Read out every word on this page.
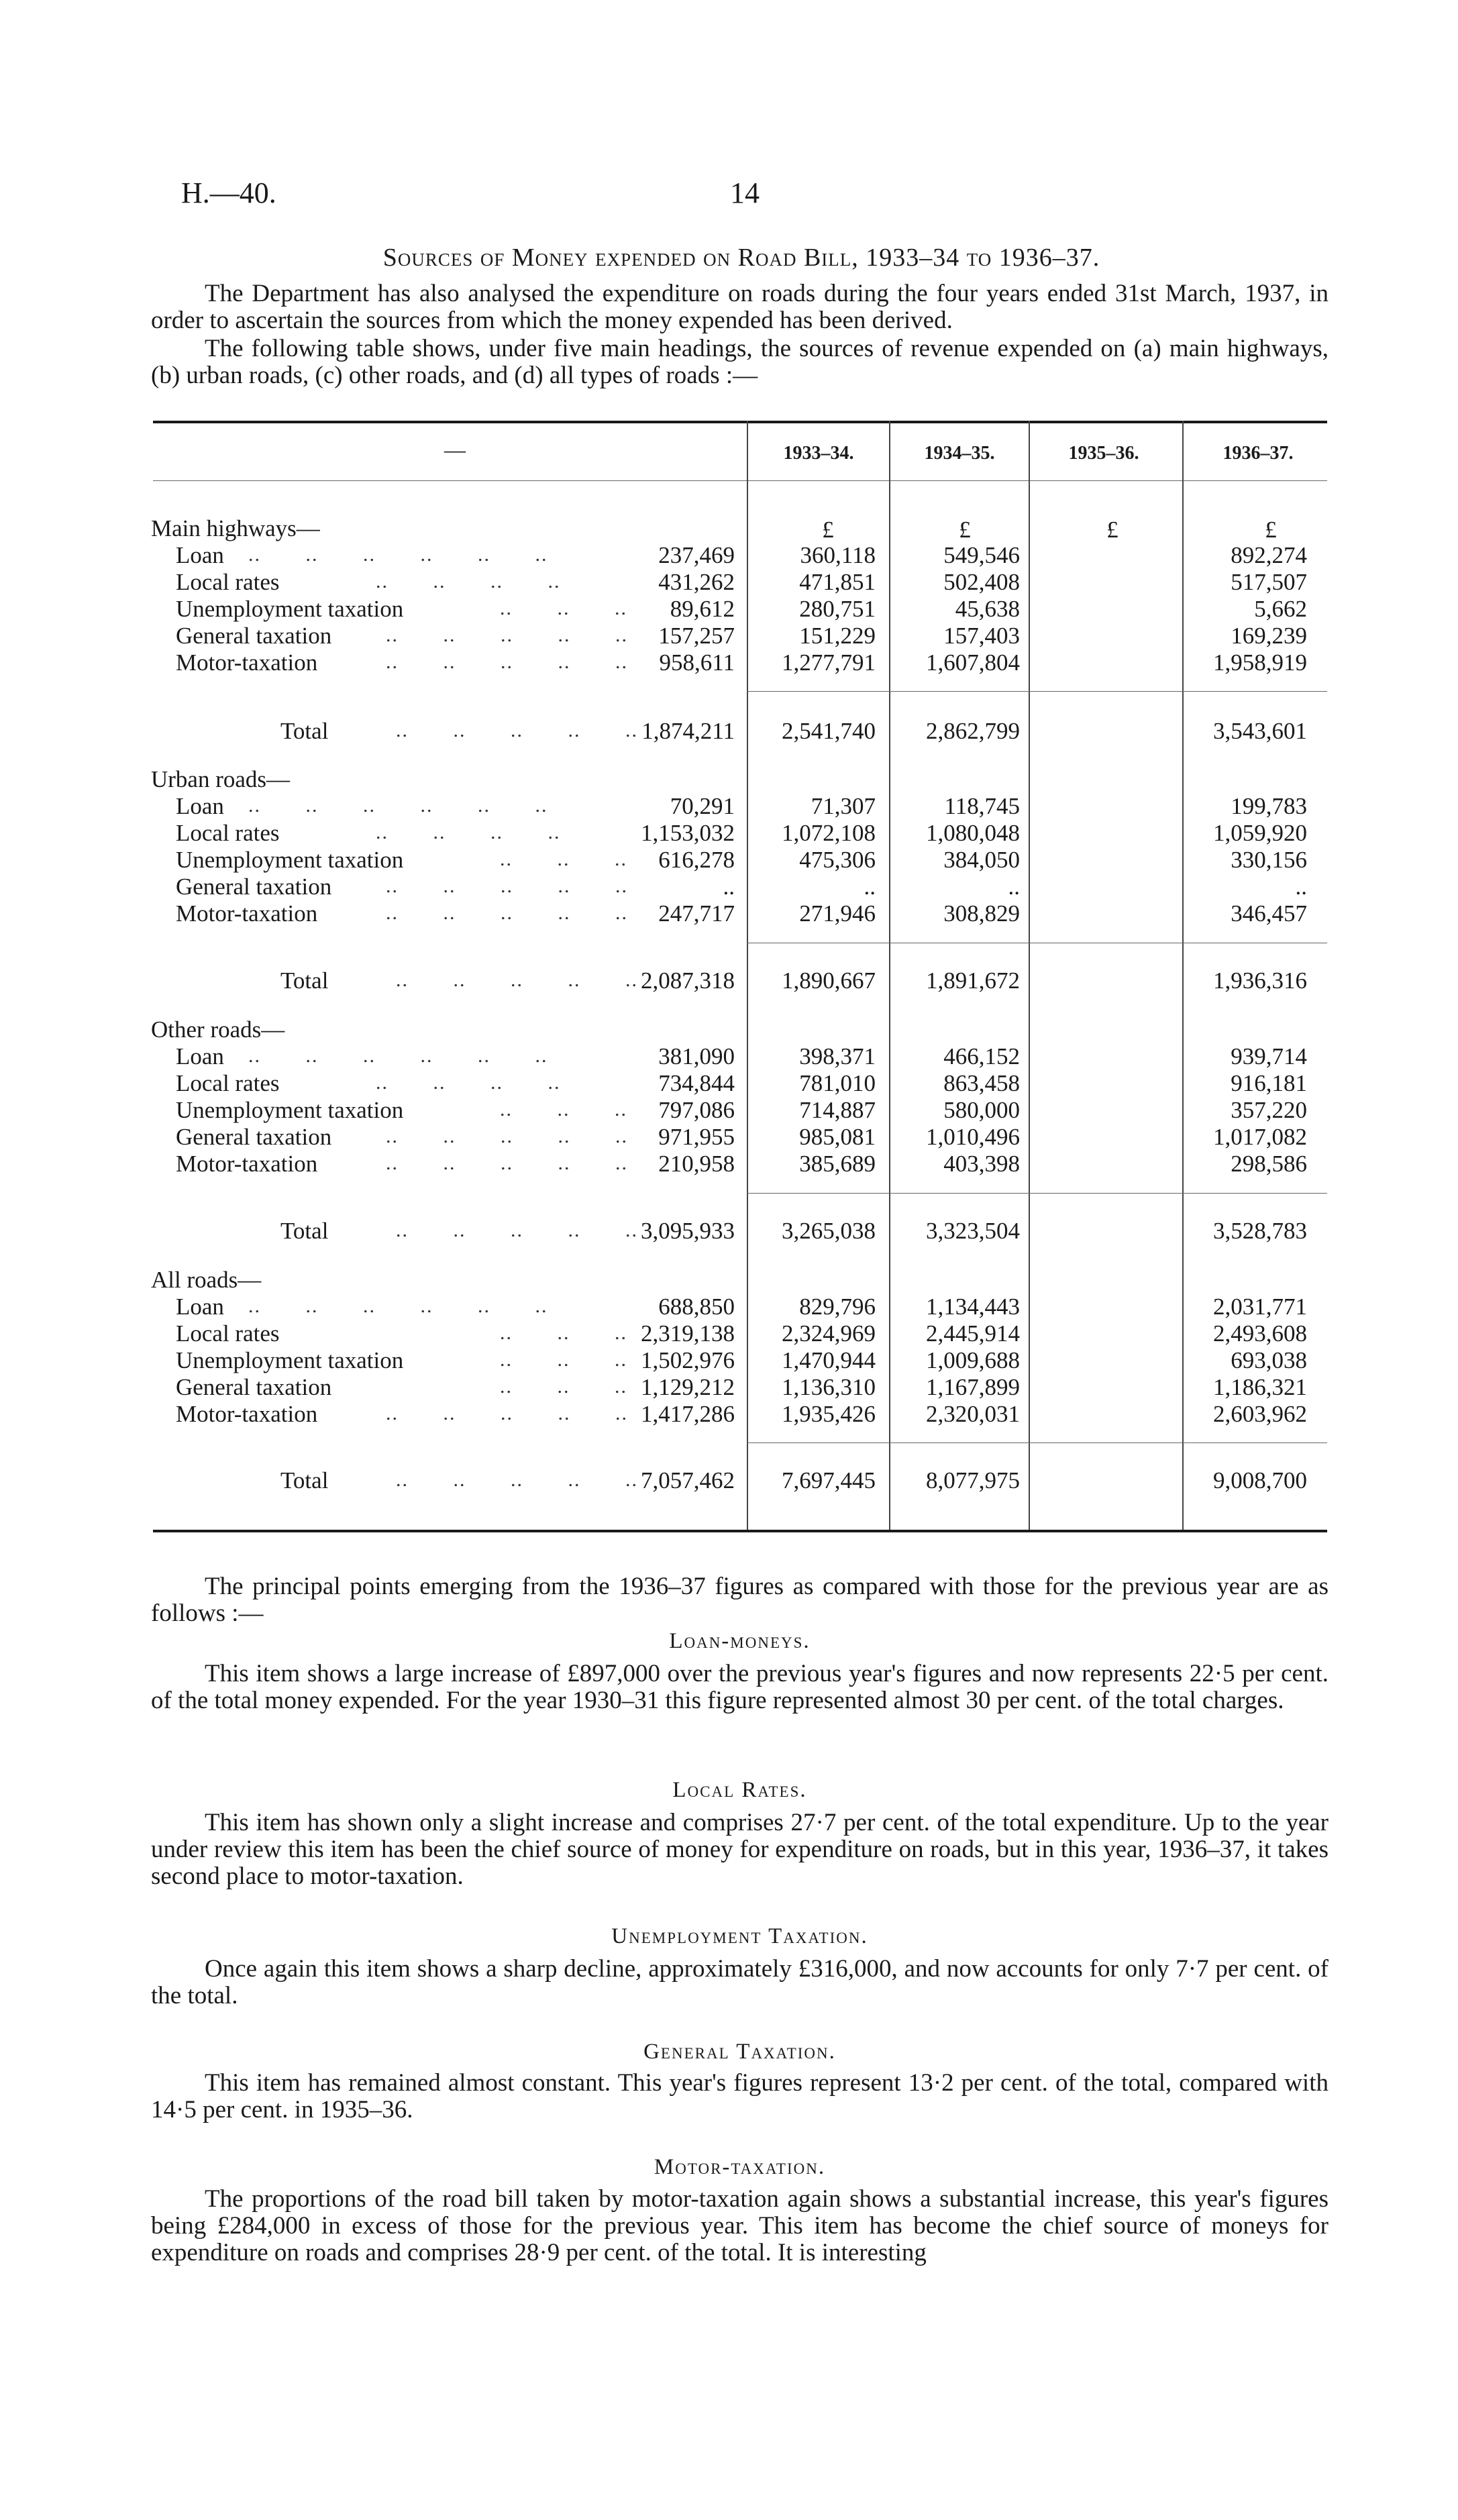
H.—40.	14
Sources of Money expended on Road Bill, 1933–34 to 1936–37.

The Department has also analysed the expenditure on roads during the four years ended 31st March, 1937, in order to ascertain the sources from which the money expended has been derived.

The following table shows, under five main headings, the sources of revenue expended on (a) main highways, (b) urban roads, (c) other roads, and (d) all types of roads :—

—	1933–34.	1934–35.	1935–36.	1936–37.
£	£	£	£
Main highways—
Loan ..       ..       ..       ..       ..       ..	237,469	360,118	549,546	892,274
Local rates	..       ..       ..       ..	431,262	471,851	502,408	517,507
Unemployment taxation	..       ..       ..	89,612	280,751	45,638	5,662
General taxation	..       ..       ..       ..       ..	157,257	151,229	157,403	169,239
Motor-taxation	..       ..       ..       ..       ..	958,611	1,277,791	1,607,804	1,958,919
Total	..       ..       ..       ..       .. 1,874,211	2,541,740	2,862,799	3,543,601
Urban roads—
Loan ..       ..       ..       ..       ..       ..	70,291	71,307	118,745	199,783
Local rates	..       ..       ..       ..	1,153,032	1,072,108	1,080,048	1,059,920
Unemployment taxation	..       ..       ..	616,278	475,306	384,050	330,156
General taxation	..       ..       ..       ..       ..	..	..	..	..
Motor-taxation	..       ..       ..       ..       ..	247,717	271,946	308,829	346,457
Total	..       ..       ..       ..       .. 2,087,318	1,890,667	1,891,672	1,936,316
Other roads—
Loan ..       ..       ..       ..       ..       ..	381,090	398,371	466,152	939,714
Local rates	..       ..       ..       ..	734,844	781,010	863,458	916,181
Unemployment taxation	..       ..       ..	797,086	714,887	580,000	357,220
General taxation	..       ..       ..       ..       ..	971,955	985,081	1,010,496	1,017,082
Motor-taxation	..       ..       ..       ..       ..	210,958	385,689	403,398	298,586
Total	..       ..       ..       ..       .. 3,095,933	3,265,038	3,323,504	3,528,783
All roads—
Loan ..       ..       ..       ..       ..       ..	688,850	829,796	1,134,443	2,031,771
Local rates	..       ..       .. 2,319,138	2,324,969	2,445,914	2,493,608
Unemployment taxation	..       ..       .. 1,502,976	1,470,944	1,009,688	693,038
General taxation	..       ..       .. 1,129,212	1,136,310	1,167,899	1,186,321
Motor-taxation	..       ..       ..       ..       .. 1,417,286	1,935,426	2,320,031	2,603,962
Total	..       ..       ..       ..       .. 7,057,462	7,697,445	8,077,975	9,008,700

The principal points emerging from the 1936–37 figures as compared with those for the previous year are as follows :—

Loan-moneys.

This item shows a large increase of £897,000 over the previous year's figures and now represents 22·5 per cent. of the total money expended. For the year 1930–31 this figure represented almost 30 per cent. of the total charges.

Local Rates.

This item has shown only a slight increase and comprises 27·7 per cent. of the total expenditure. Up to the year under review this item has been the chief source of money for expenditure on roads, but in this year, 1936–37, it takes second place to motor-taxation.

Unemployment Taxation.

Once again this item shows a sharp decline, approximately £316,000, and now accounts for only 7·7 per cent. of the total.

General Taxation.

This item has remained almost constant. This year's figures represent 13·2 per cent. of the total, compared with 14·5 per cent. in 1935–36.

Motor-taxation.

The proportions of the road bill taken by motor-taxation again shows a substantial increase, this year's figures being £284,000 in excess of those for the previous year. This item has become the chief source of moneys for expenditure on roads and comprises 28·9 per cent. of the total. It is interesting
